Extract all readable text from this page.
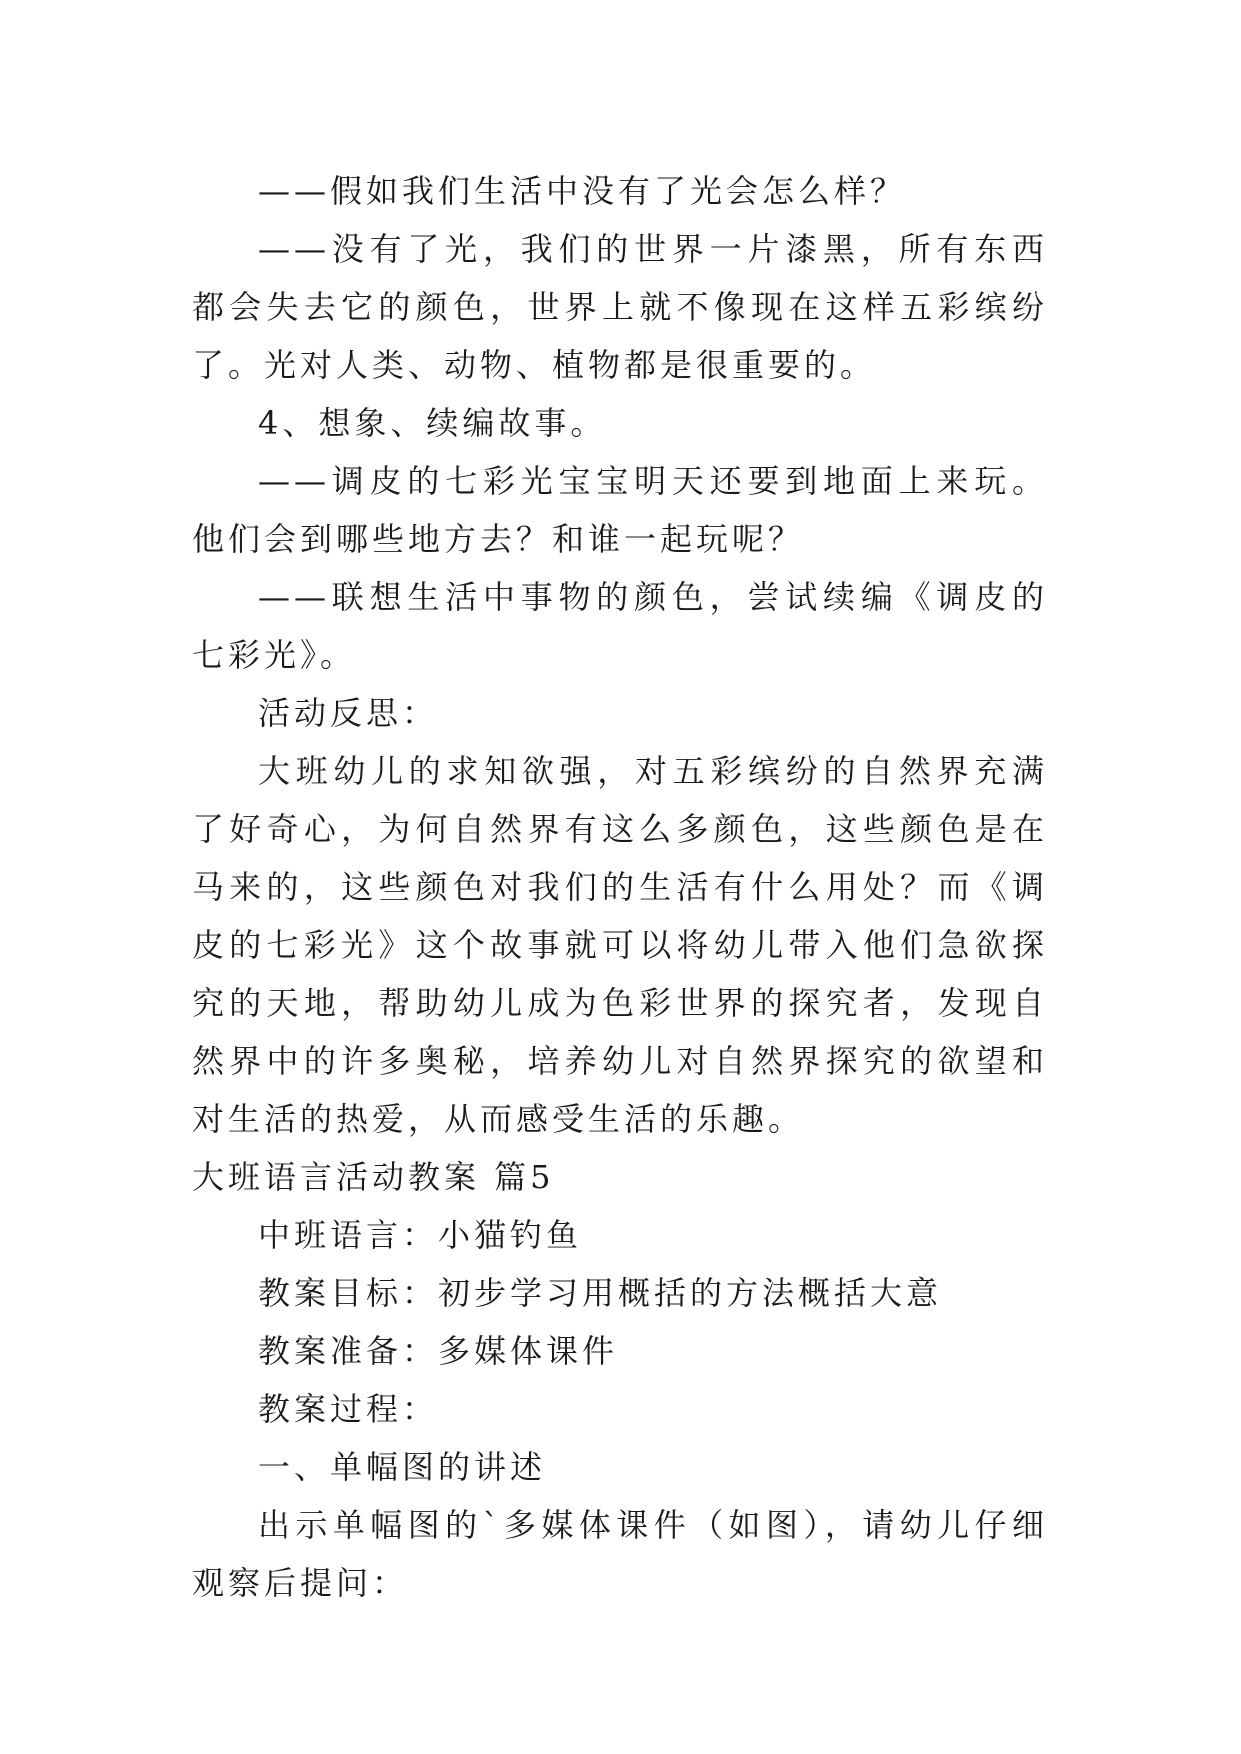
——假如我们生活中没有了光会怎么样？

——没有了光，我们的世界一片漆黑，所有东西都会失去它的颜色，世界上就不像现在这样五彩缤纷了。光对人类、动物、植物都是很重要的。

4、想象、续编故事。

——调皮的七彩光宝宝明天还要到地面上来玩。他们会到哪些地方去？和谁一起玩呢？

——联想生活中事物的颜色，尝试续编《调皮的七彩光》。

活动反思：

大班幼儿的求知欲强，对五彩缤纷的自然界充满了好奇心，为何自然界有这么多颜色，这些颜色是在马来的，这些颜色对我们的生活有什么用处？而《调皮的七彩光》这个故事就可以将幼儿带入他们急欲探究的天地，帮助幼儿成为色彩世界的探究者，发现自然界中的许多奥秘，培养幼儿对自然界探究的欲望和对生活的热爱，从而感受生活的乐趣。

大班语言活动教案 篇5

中班语言：小猫钓鱼

教案目标：初步学习用概括的方法概括大意

教案准备：多媒体课件

教案过程：

一、单幅图的讲述

出示单幅图的`多媒体课件（如图），请幼儿仔细观察后提问：
